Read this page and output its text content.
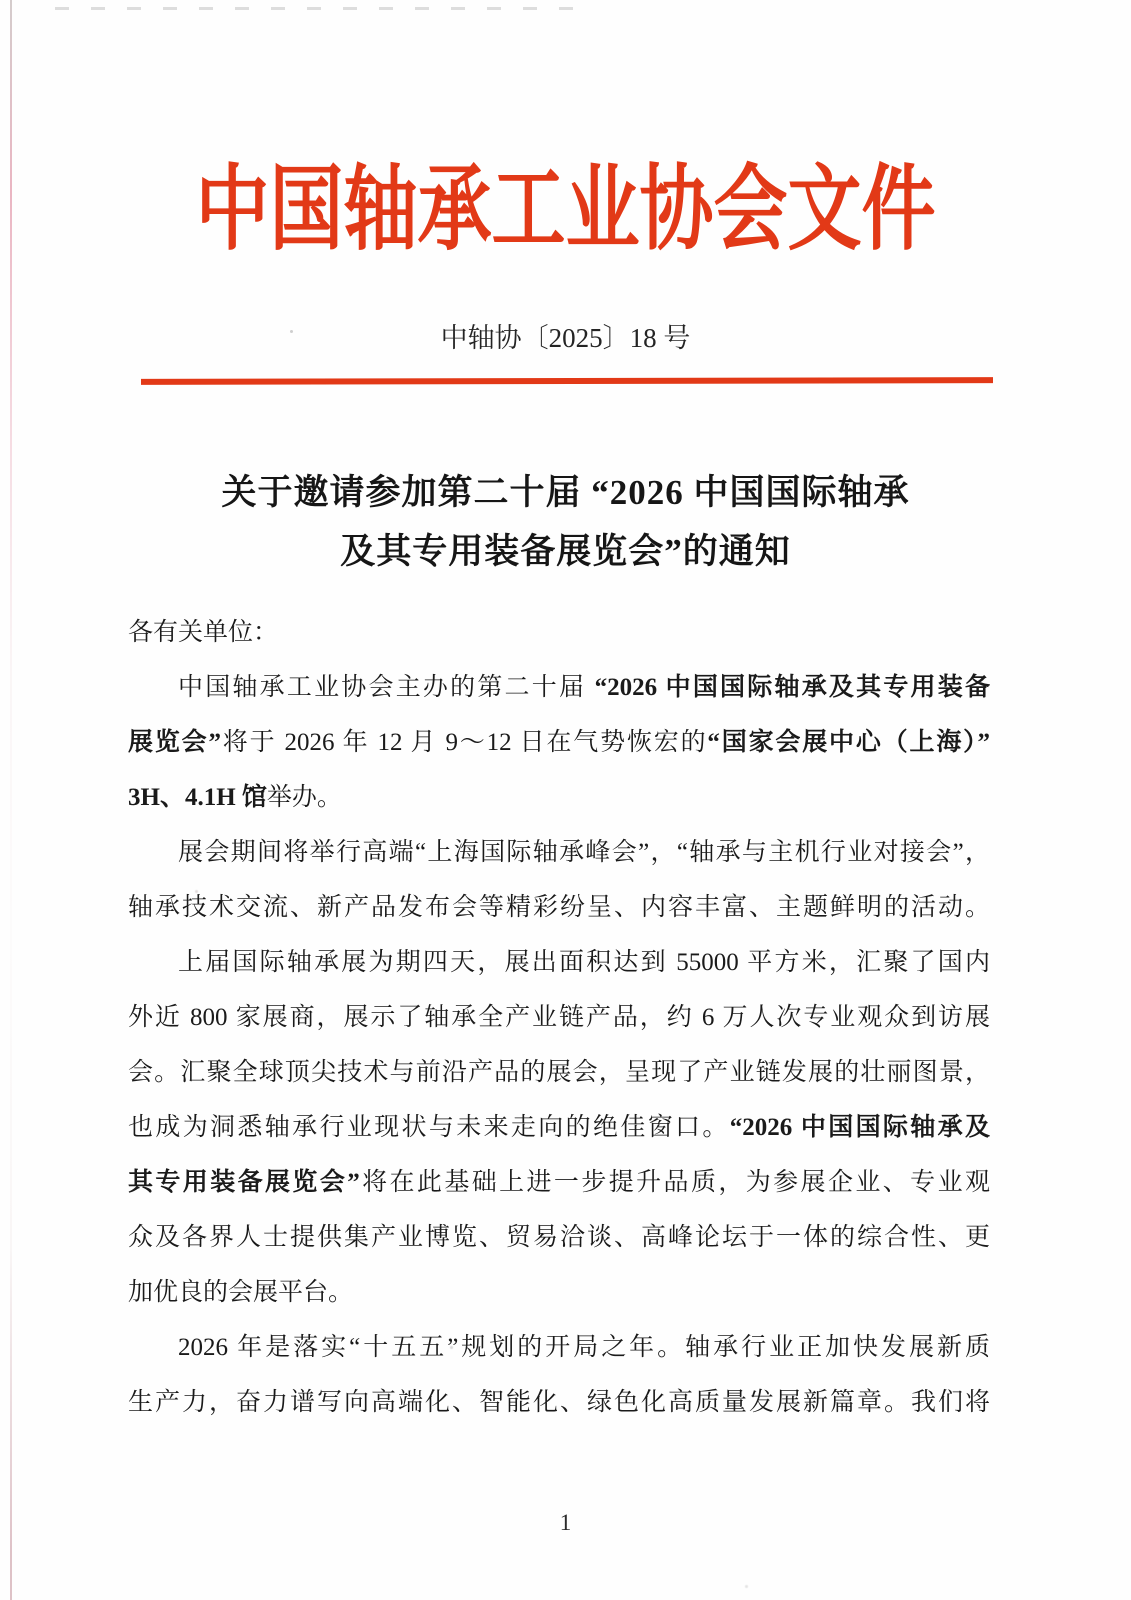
中国轴承工业协会文件
中轴协〔2025〕18 号
关于邀请参加第二十届 “2026 中国国际轴承
及其专用装备展览会”的通知
各有关单位：
中国轴承工业协会主办的第二十届 “2026 中国国际轴承及其专用装备
展览会”将于 2026 年 12 月 9～12 日在气势恢宏的“国家会展中心（上海）”
3H、4.1H 馆举办。
展会期间将举行高端“上海国际轴承峰会”，“轴承与主机行业对接会”，
轴承技术交流、新产品发布会等精彩纷呈、内容丰富、主题鲜明的活动。
上届国际轴承展为期四天，展出面积达到 55000 平方米，汇聚了国内
外近 800 家展商，展示了轴承全产业链产品，约 6 万人次专业观众到访展
会。汇聚全球顶尖技术与前沿产品的展会，呈现了产业链发展的壮丽图景，
也成为洞悉轴承行业现状与未来走向的绝佳窗口。“2026 中国国际轴承及
其专用装备展览会”将在此基础上进一步提升品质，为参展企业、专业观
众及各界人士提供集产业博览、贸易洽谈、高峰论坛于一体的综合性、更
加优良的会展平台。
2026 年是落实“十五五”规划的开局之年。轴承行业正加快发展新质
生产力，奋力谱写向高端化、智能化、绿色化高质量发展新篇章。我们将
1
